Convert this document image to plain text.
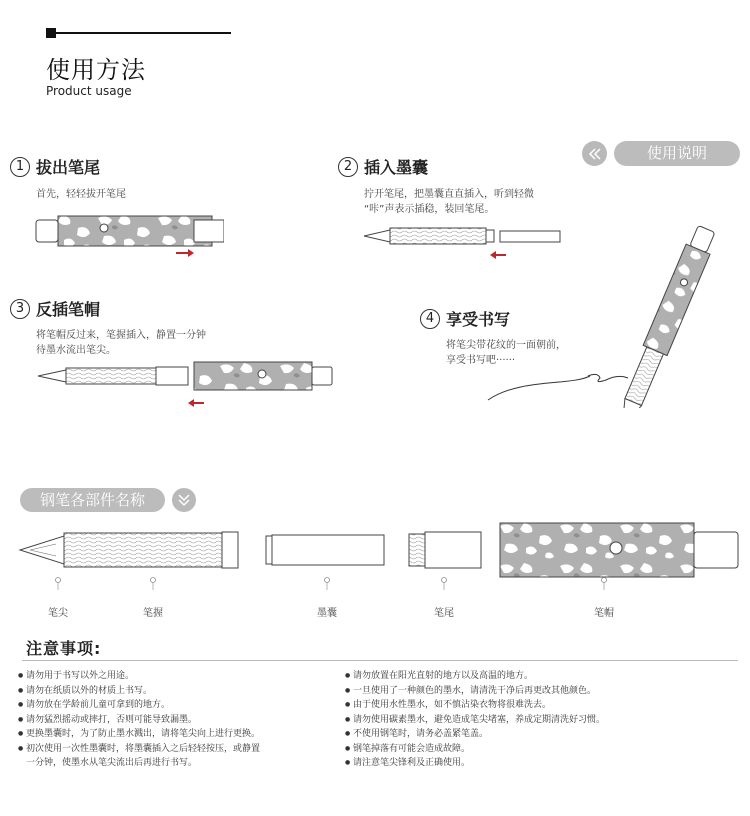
使用方法
Product usage
使用说明
1 拔出笔尾
首先，轻轻拔开笔尾
2 插入墨囊
拧开笔尾，把墨囊直直插入，听到轻微
“咔”声表示插稳，装回笔尾。
3 反插笔帽
将笔帽反过来，笔握插入，静置一分钟
待墨水流出笔尖。
4 享受书写
将笔尖带花纹的一面朝前，
享受书写吧······
钢笔各部件名称
笔尖	笔握	墨囊	笔尾	笔帽
注意事项:
● 请勿用于书写以外之用途。
● 请勿在纸质以外的材质上书写。
● 请勿放在学龄前儿童可拿到的地方。
● 请勿猛烈摇动或摔打，否则可能导致漏墨。
● 更换墨囊时，为了防止墨水溅出，请将笔尖向上进行更换。
● 初次使用一次性墨囊时，将墨囊插入之后轻轻按压，或静置
一分钟，使墨水从笔尖流出后再进行书写。
● 请勿放置在阳光直射的地方以及高温的地方。
● 一旦使用了一种颜色的墨水，请清洗干净后再更改其他颜色。
● 由于使用水性墨水，如不慎沾染衣物将很难洗去。
● 请勿使用碳素墨水，避免造成笔尖堵塞，养成定期清洗好习惯。
● 不使用钢笔时，请务必盖紧笔盖。
● 钢笔掉落有可能会造成故障。
● 请注意笔尖锋利及正确使用。
